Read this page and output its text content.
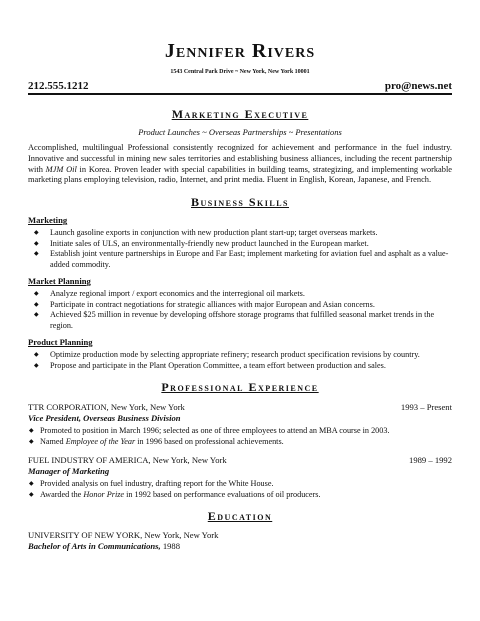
Jennifer Rivers
1543 Central Park Drive ~ New York, New York 10001
212.555.1212	pro@news.net
Marketing Executive
Product Launches ~ Overseas Partnerships ~ Presentations

Accomplished, multilingual Professional consistently recognized for achievement and performance in the fuel industry. Innovative and successful in mining new sales territories and establishing business alliances, including the recent partnership with MJM Oil in Korea. Proven leader with special capabilities in building teams, strategizing, and implementing workable marketing plans employing television, radio, Internet, and print media. Fluent in English, Korean, Japanese, and French.

Business Skills
Marketing
◆ Launch gasoline exports in conjunction with new production plant start-up; target overseas markets.
◆ Initiate sales of ULS, an environmentally-friendly new product launched in the European market.
◆ Establish joint venture partnerships in Europe and Far East; implement marketing for aviation fuel and asphalt as a value-added commodity.
Market Planning
◆ Analyze regional import / export economics and the interregional oil markets.
◆ Participate in contract negotiations for strategic alliances with major European and Asian concerns.
◆ Achieved $25 million in revenue by developing offshore storage programs that fulfilled seasonal market trends in the region.
Product Planning
◆ Optimize production mode by selecting appropriate refinery; research product specification revisions by country.
◆ Propose and participate in the Plant Operation Committee, a team effort between production and sales.
Professional Experience
TTR CORPORATION, New York, New York	1993 – Present
Vice President, Overseas Business Division
◆ Promoted to position in March 1996; selected as one of three employees to attend an MBA course in 2003.
◆ Named Employee of the Year in 1996 based on professional achievements.
FUEL INDUSTRY OF AMERICA, New York, New York	1989 – 1992
Manager of Marketing
◆ Provided analysis on fuel industry, drafting report for the White House.
◆ Awarded the Honor Prize in 1992 based on performance evaluations of oil producers.
Education
UNIVERSITY OF NEW YORK, New York, New York
Bachelor of Arts in Communications, 1988
